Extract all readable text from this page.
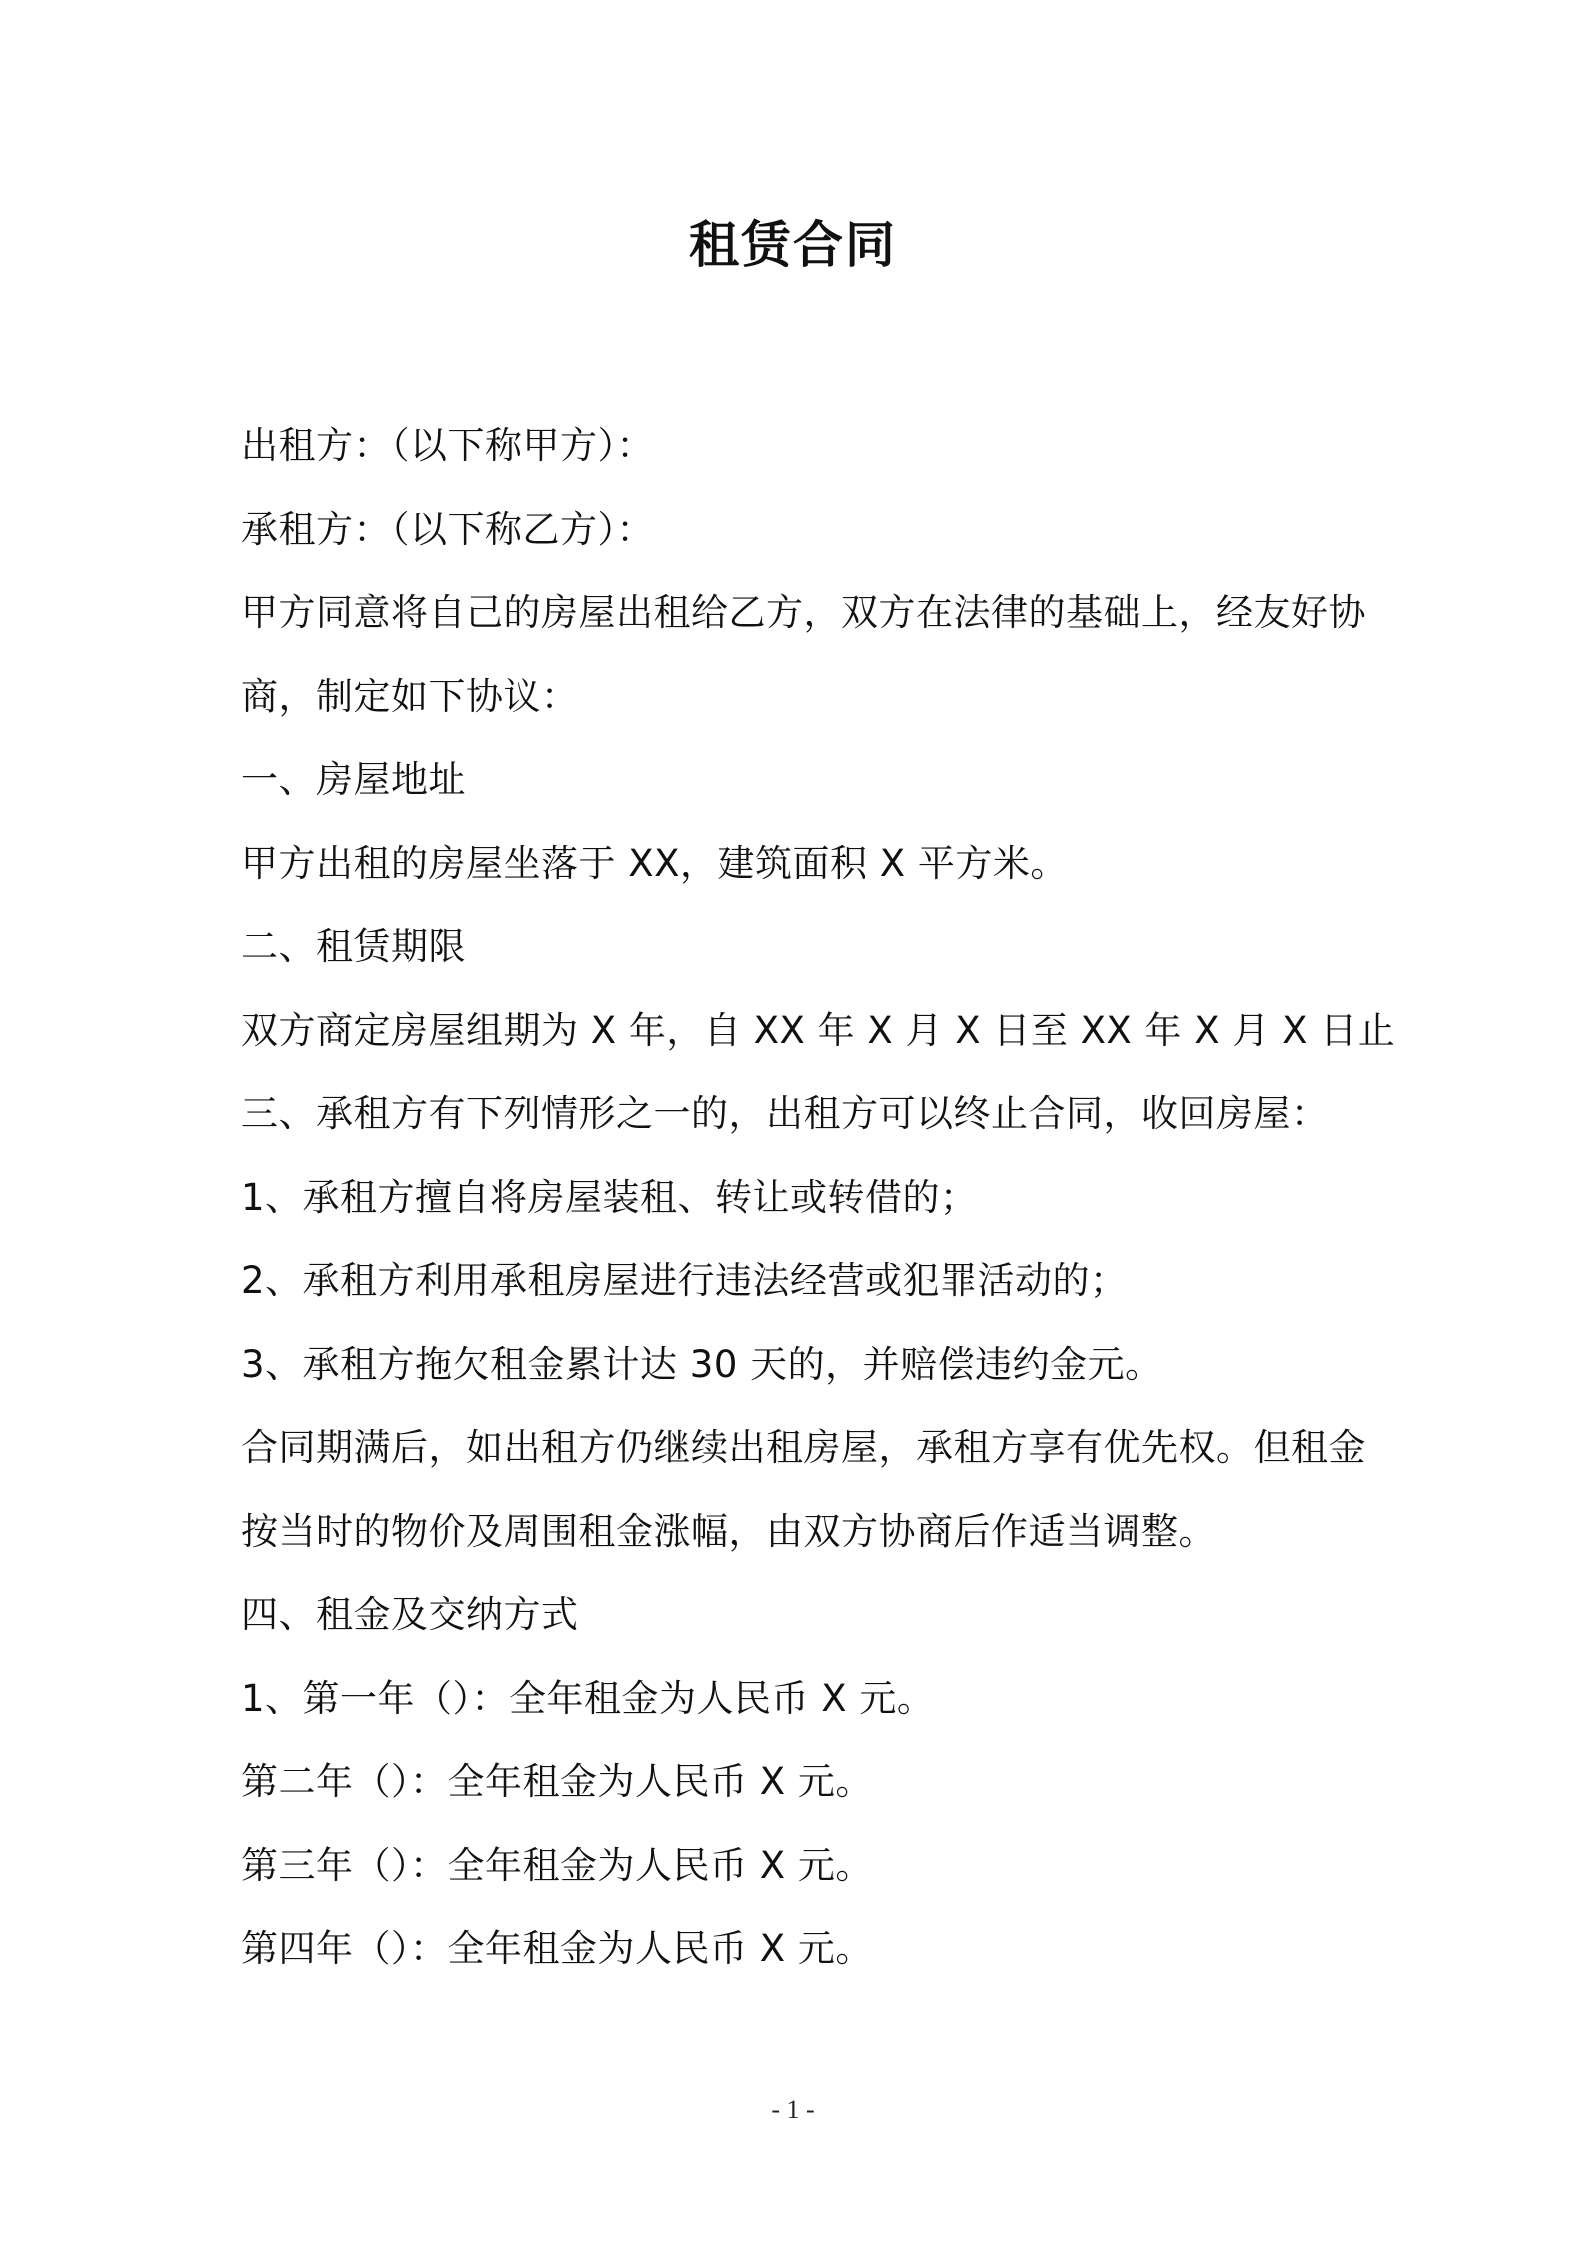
租赁合同
出租方：（以下称甲方）：
承租方：（以下称乙方）：
甲方同意将自己的房屋出租给乙方，双方在法律的基础上，经友好协
商，制定如下协议：
一、房屋地址
甲方出租的房屋坐落于 XX，建筑面积 X 平方米。
二、租赁期限
双方商定房屋组期为 X 年，自 XX 年 X 月 X 日至 XX 年 X 月 X 日止
三、承租方有下列情形之一的，出租方可以终止合同，收回房屋：
1、承租方擅自将房屋装租、转让或转借的；
2、承租方利用承租房屋进行违法经营或犯罪活动的；
3、承租方拖欠租金累计达 30 天的，并赔偿违约金元。
合同期满后，如出租方仍继续出租房屋，承租方享有优先权。但租金
按当时的物价及周围租金涨幅，由双方协商后作适当调整。
四、租金及交纳方式
1、第一年（）：全年租金为人民币 X 元。
第二年（）：全年租金为人民币 X 元。
第三年（）：全年租金为人民币 X 元。
第四年（）：全年租金为人民币 X 元。
- 1 -
